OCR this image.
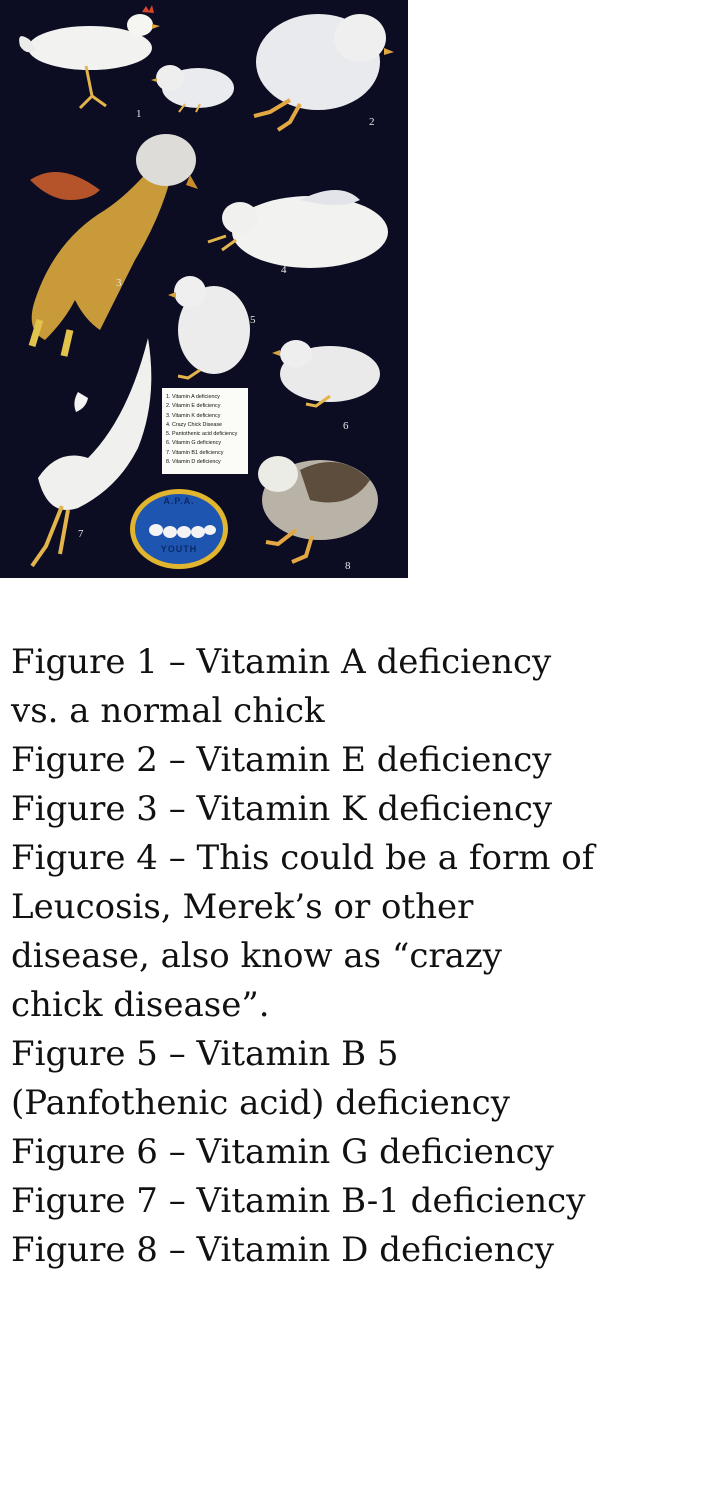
1
2
3
4
5
6
7
8
1. Vitamin A deficiency
2. Vitamin E deficiency
3. Vitamin K deficiency
4. Crazy Chick Disease
5. Pantothenic acid deficiency
6. Vitamin G deficiency
7. Vitamin B1 deficiency
8. Vitamin D deficiency
A.P.A.
YOUTH
Figure 1 – Vitamin A deficiency
vs. a normal chick
Figure 2 – Vitamin E deficiency
Figure 3 – Vitamin K deficiency
Figure 4 – This could be a form of
Leucosis, Merek’s or other
disease, also know as “crazy
chick disease”.
Figure 5 – Vitamin B 5
(Panfothenic acid) deficiency
Figure 6 – Vitamin G deficiency
Figure 7 – Vitamin B-1 deficiency
Figure 8 – Vitamin D deficiency
